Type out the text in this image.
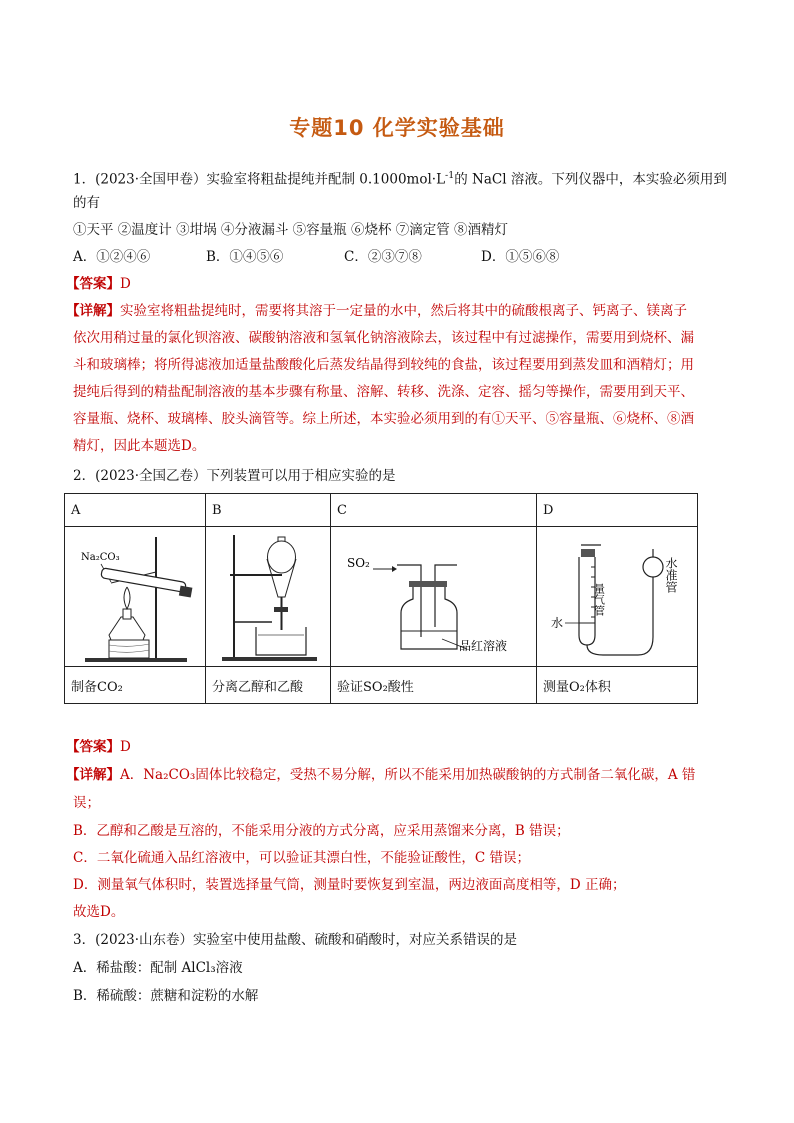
专题10 化学实验基础
1．(2023·全国甲卷）实验室将粗盐提纯并配制 $0.1000mol\cdot L^{-1}$的 NaCl 溶液。下列仪器中，本实验必须用到
的有
①天平 ②温度计 ③坩埚 ④分液漏斗 ⑤容量瓶 ⑥烧杯 ⑦滴定管 ⑧酒精灯
A．①②④⑥	B．①④⑤⑥	C．②③⑦⑧	D．①⑤⑥⑧
【答案】D
【详解】实验室将粗盐提纯时，需要将其溶于一定量的水中，然后将其中的硫酸根离子、钙离子、镁离子
依次用稍过量的氯化钡溶液、碳酸钠溶液和氢氧化钠溶液除去，该过程中有过滤操作，需要用到烧杯、漏
斗和玻璃棒；将所得滤液加适量盐酸酸化后蒸发结晶得到较纯的食盐，该过程要用到蒸发皿和酒精灯；用
提纯后得到的精盐配制溶液的基本步骤有称量、溶解、转移、洗涤、定容、摇匀等操作，需要用到天平、
容量瓶、烧杯、玻璃棒、胶头滴管等。综上所述，本实验必须用到的有①天平、⑤容量瓶、⑥烧杯、⑧酒
精灯，因此本题选D。
2．(2023·全国乙卷）下列装置可以用于相应实验的是
A	B	C	D

Na₂CO₃		SO₂
品红溶液	水
量气管
水准管

制备CO₂	分离乙醇和乙酸	验证SO₂酸性	测量O₂体积
【答案】D
【详解】A．Na₂CO₃固体比较稳定，受热不易分解，所以不能采用加热碳酸钠的方式制备二氧化碳，A 错
误；
B．乙醇和乙酸是互溶的，不能采用分液的方式分离，应采用蒸馏来分离，B 错误；
C．二氧化硫通入品红溶液中，可以验证其漂白性，不能验证酸性，C 错误；
D．测量氧气体积时，装置选择量气筒，测量时要恢复到室温，两边液面高度相等，D 正确；
故选D。
3．(2023·山东卷）实验室中使用盐酸、硫酸和硝酸时，对应关系错误的是
A．稀盐酸：配制 AlCl₃溶液
B．稀硫酸：蔗糖和淀粉的水解
